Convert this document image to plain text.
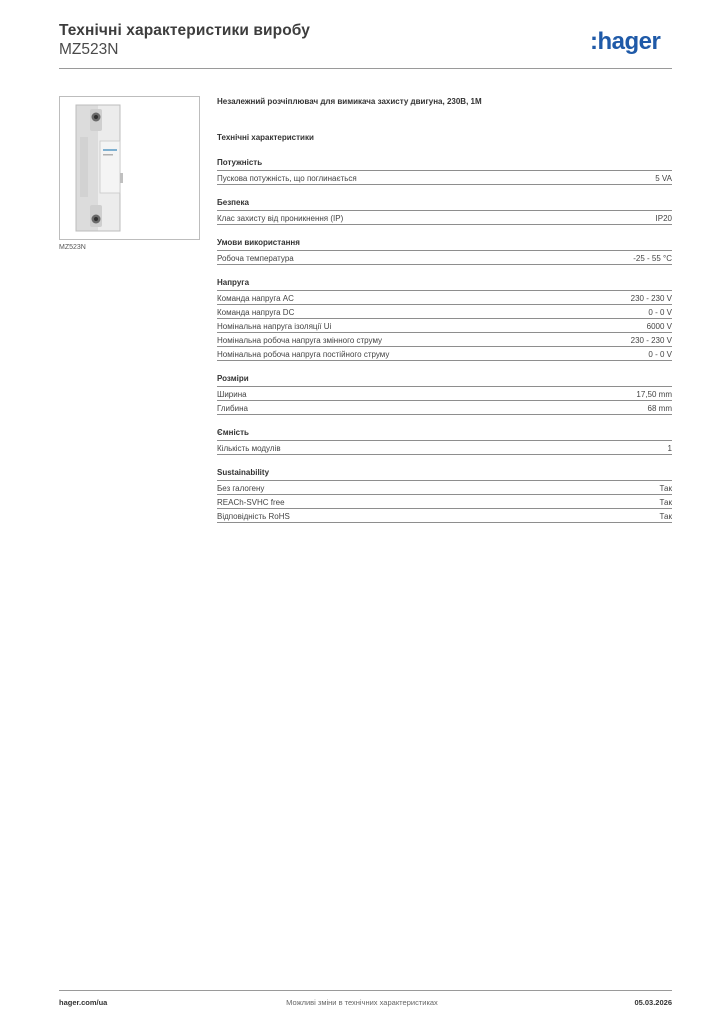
Технічні характеристики виробу
MZ523N	:hager
MZ523N

Незалежний розчіплювач для вимикача захисту двигуна, 230В, 1М

Технічні характеристики

Потужність
Пускова потужність, що поглинається	5 VA
Безпека
Клас захисту від проникнення (IP)	IP20
Умови використання
Робоча температура	-25 - 55 °C
Напруга
Команда напруга AC	230 - 230 V
Команда напруга DC	0 - 0 V
Номінальна напруга ізоляції Ui	6000 V
Номінальна робоча напруга змінного струму	230 - 230 V
Номінальна робоча напруга постійного струму	0 - 0 V
Розміри
Ширина	17,50 mm
Глибина	68 mm
Ємність
Кількість модулів	1
Sustainability
Без галогену	Так
REACh-SVHC free	Так
Відповідність RoHS	Так
hager.com/ua	Можливі зміни в технічних характеристиках	05.03.2026
